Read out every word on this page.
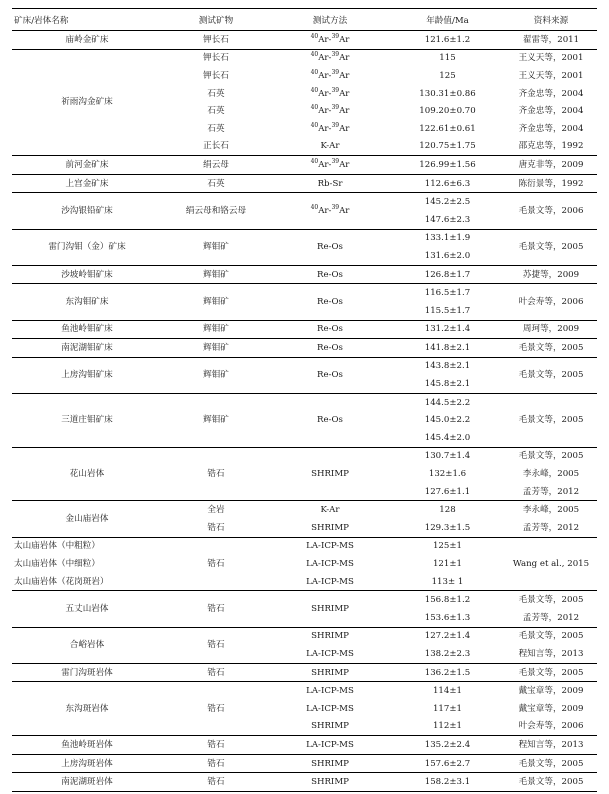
矿床/岩体名称	测试矿物	测试方法	年龄值/Ma	资料来源
庙岭金矿床	钾长石	$^{40}$Ar-$^{39}$Ar	121.6±1.2	翟雷等，2011
祈雨沟金矿床	钾长石	$^{40}$Ar-$^{39}$Ar	115	王义天等，2001
	钾长石	$^{40}$Ar-$^{39}$Ar	125	王义天等，2001
	石英	$^{40}$Ar-$^{39}$Ar	130.31±0.86	齐金忠等，2004
	石英	$^{40}$Ar-$^{39}$Ar	109.20±0.70	齐金忠等，2004
	石英	$^{40}$Ar-$^{39}$Ar	122.61±0.61	齐金忠等，2004
	正长石	K-Ar	120.75±1.75	邵克忠等，1992
前河金矿床	绢云母	$^{40}$Ar-$^{39}$Ar	126.99±1.56	唐克非等，2009
上宫金矿床	石英	Rb-Sr	112.6±6.3	陈衍景等，1992
沙沟银铅矿床	绢云母和铬云母	$^{40}$Ar-$^{39}$Ar	145.2±2.5	毛景文等，2006
			147.6±2.3	
雷门沟钼（金）矿床	辉钼矿	Re-Os	133.1±1.9	毛景文等，2005
			131.6±2.0	
沙坡岭钼矿床	辉钼矿	Re-Os	126.8±1.7	苏捷等，2009
东沟钼矿床	辉钼矿	Re-Os	116.5±1.7	叶会寿等，2006
			115.5±1.7	
鱼池岭钼矿床	辉钼矿	Re-Os	131.2±1.4	周珂等，2009
南泥湖钼矿床	辉钼矿	Re-Os	141.8±2.1	毛景文等，2005
上房沟钼矿床	辉钼矿	Re-Os	143.8±2.1	毛景文等，2005
			145.8±2.1	
三道庄钼矿床	辉钼矿	Re-Os	144.5±2.2	毛景文等，2005
			145.0±2.2	
			145.4±2.0	
花山岩体	锆石	SHRIMP	130.7±1.4	毛景文等，2005
			132±1.6	李永峰，2005
			127.6±1.1	孟芳等，2012
金山庙岩体	全岩	K-Ar	128	李永峰，2005
	锆石	SHRIMP	129.3±1.5	孟芳等，2012
太山庙岩体（中粗粒）	锆石	LA-ICP-MS	125±1	Wang et al., 2015
太山庙岩体（中细粒）		LA-ICP-MS	121±1	
太山庙岩体（花岗斑岩）		LA-ICP-MS	113± 1	
五丈山岩体	锆石	SHRIMP	156.8±1.2	毛景文等，2005
			153.6±1.3	孟芳等，2012
合峪岩体	锆石	SHRIMP	127.2±1.4	毛景文等，2005
		LA-ICP-MS	138.2±2.3	程知言等，2013
雷门沟斑岩体	锆石	SHRIMP	136.2±1.5	毛景文等，2005
东沟斑岩体	锆石	LA-ICP-MS	114±1	戴宝章等，2009
		LA-ICP-MS	117±1	戴宝章等，2009
		SHRIMP	112±1	叶会寿等，2006
鱼池岭斑岩体	锆石	LA-ICP-MS	135.2±2.4	程知言等，2013
上房沟斑岩体	锆石	SHRIMP	157.6±2.7	毛景文等，2005
南泥湖斑岩体	锆石	SHRIMP	158.2±3.1	毛景文等，2005
